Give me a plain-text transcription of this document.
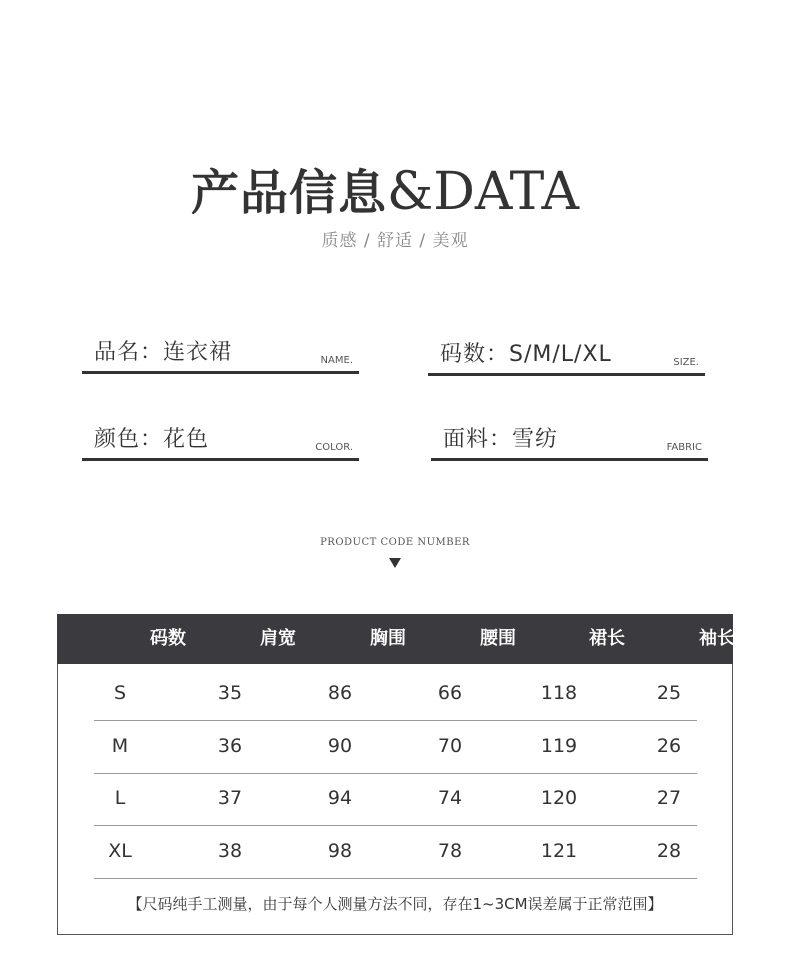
产品信息&DATA
质感 / 舒适 / 美观
品名：连衣裙	NAME.	码数：S/M/L/XL	SIZE.
颜色：花色	COLOR.	面料：雪纺	FABRIC
PRODUCT CODE NUMBER
码数	肩宽	胸围	腰围	裙长	袖长
S	35	86	66	118	25
M	36	90	70	119	26
L	37	94	74	120	27
XL	38	98	78	121	28
【尺码纯手工测量，由于每个人测量方法不同，存在1~3CM误差属于正常范围】
